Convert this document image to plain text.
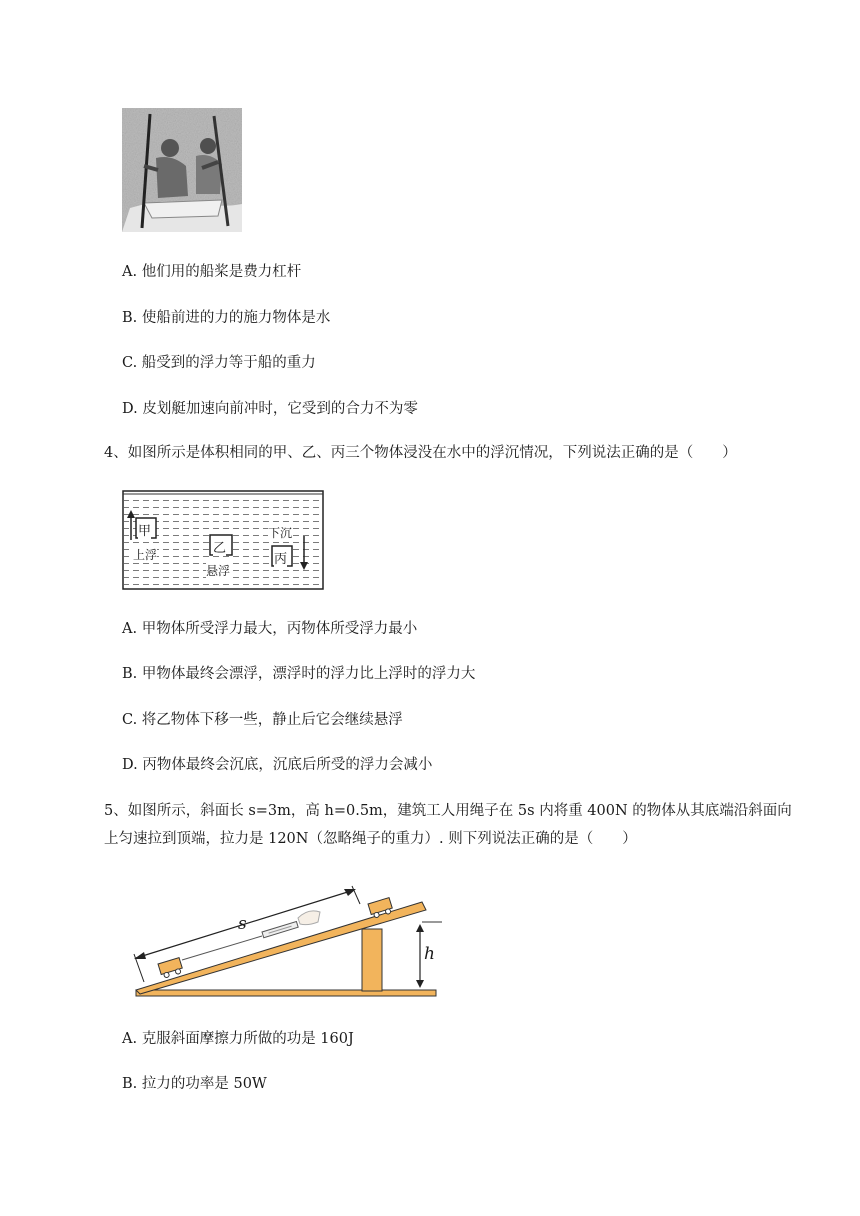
A. 他们用的船桨是费力杠杆
B. 使船前进的力的施力物体是水
C. 船受到的浮力等于船的重力
D. 皮划艇加速向前冲时，它受到的合力不为零
4、如图所示是体积相同的甲、乙、丙三个物体浸没在水中的浮沉情况，下列说法正确的是（　　）
甲
上浮	乙
悬浮
丙
下沉
A. 甲物体所受浮力最大，丙物体所受浮力最小
B. 甲物体最终会漂浮，漂浮时的浮力比上浮时的浮力大
C. 将乙物体下移一些，静止后它会继续悬浮
D. 丙物体最终会沉底，沉底后所受的浮力会减小
5、如图所示，斜面长 s=3m，高 h=0.5m，建筑工人用绳子在 5s 内将重 400N 的物体从其底端沿斜面向
上匀速拉到顶端，拉力是 120N（忽略绳子的重力）. 则下列说法正确的是（　　）
s
h
A. 克服斜面摩擦力所做的功是 160J
B. 拉力的功率是 50W
